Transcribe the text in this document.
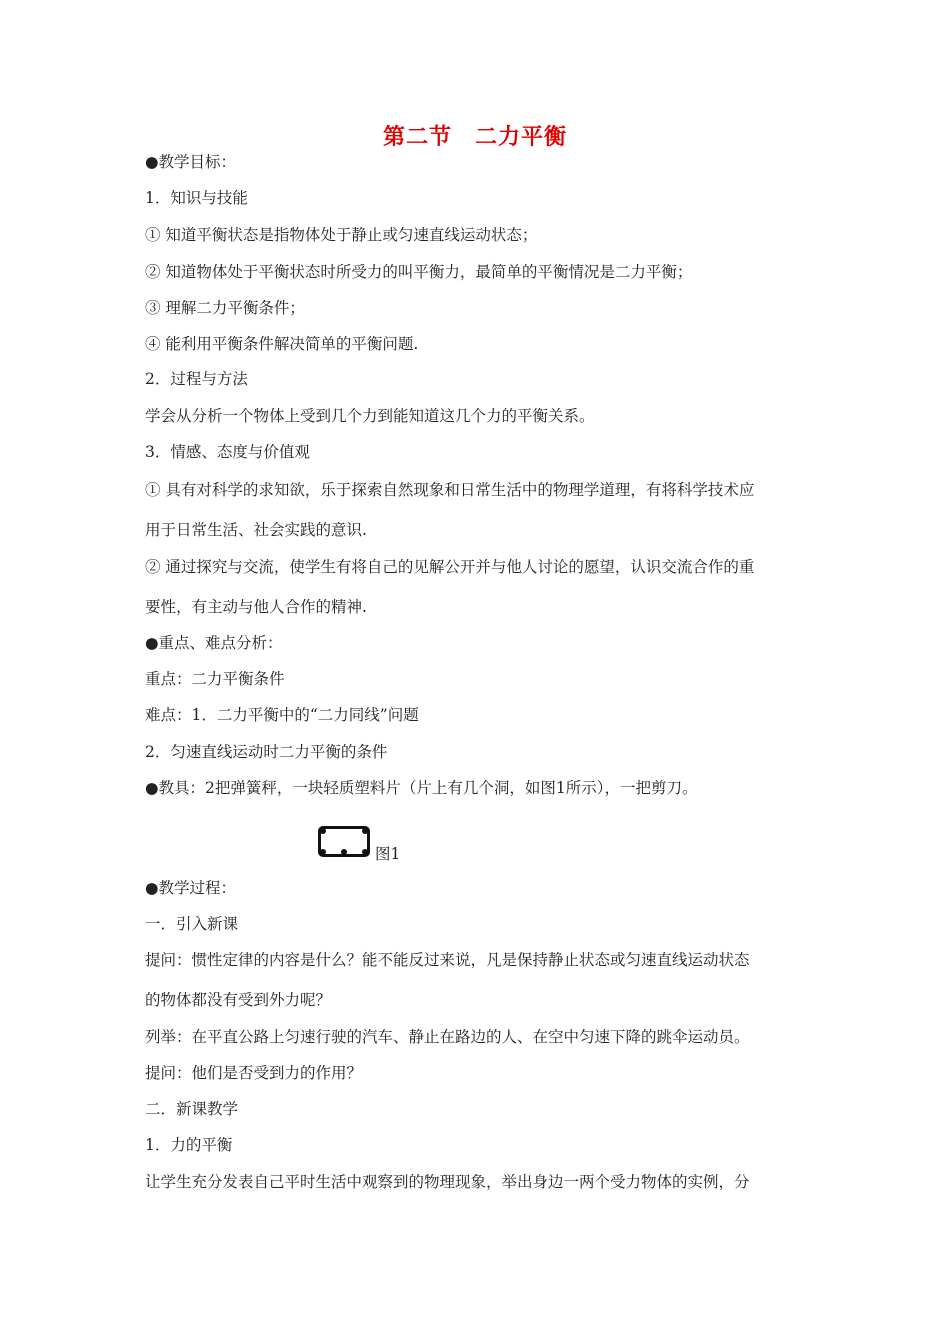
第二节　二力平衡
●教学目标：
1．知识与技能
① 知道平衡状态是指物体处于静止或匀速直线运动状态；
② 知道物体处于平衡状态时所受力的叫平衡力，最简单的平衡情况是二力平衡；
③ 理解二力平衡条件；
④ 能利用平衡条件解决简单的平衡问题.
2．过程与方法
学会从分析一个物体上受到几个力到能知道这几个力的平衡关系。
3．情感、态度与价值观
① 具有对科学的求知欲，乐于探索自然现象和日常生活中的物理学道理，有将科学技术应
用于日常生活、社会实践的意识.
② 通过探究与交流，使学生有将自己的见解公开并与他人讨论的愿望，认识交流合作的重
要性，有主动与他人合作的精神.
●重点、难点分析：
重点：二力平衡条件
难点：1．二力平衡中的“二力同线”问题
2．匀速直线运动时二力平衡的条件
●教具：2把弹簧秤，一块轻质塑料片（片上有几个洞，如图1所示），一把剪刀。
图1
●教学过程：
一．引入新课
提问：惯性定律的内容是什么？能不能反过来说，凡是保持静止状态或匀速直线运动状态
的物体都没有受到外力呢？
列举：在平直公路上匀速行驶的汽车、静止在路边的人、在空中匀速下降的跳伞运动员。
提问：他们是否受到力的作用？
二．新课教学
1．力的平衡
让学生充分发表自己平时生活中观察到的物理现象，举出身边一两个受力物体的实例，分
